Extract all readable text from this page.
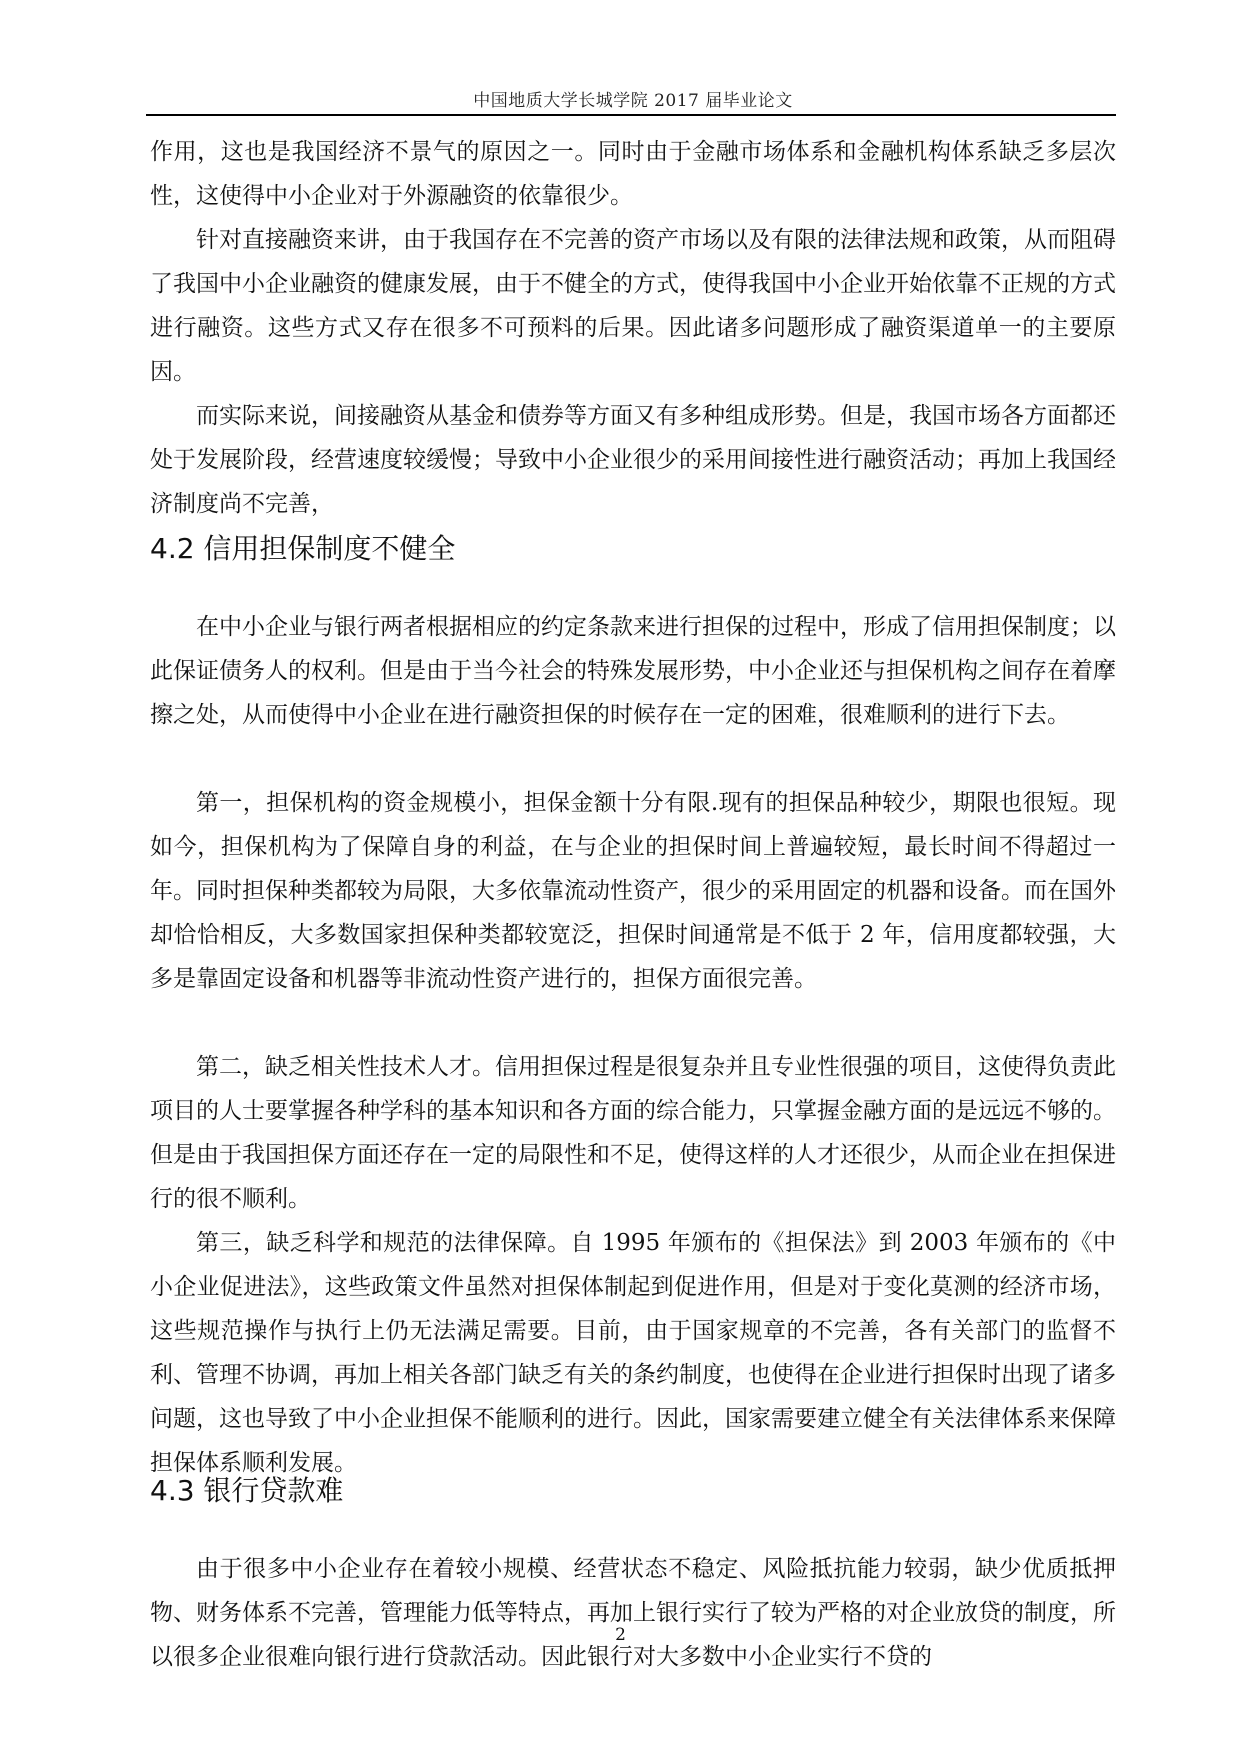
中国地质大学长城学院 2017 届毕业论文

作用，这也是我国经济不景气的原因之一。同时由于金融市场体系和金融机构体系缺乏多层次性，这使得中小企业对于外源融资的依靠很少。

针对直接融资来讲，由于我国存在不完善的资产市场以及有限的法律法规和政策，从而阻碍了我国中小企业融资的健康发展，由于不健全的方式，使得我国中小企业开始依靠不正规的方式进行融资。这些方式又存在很多不可预料的后果。因此诸多问题形成了融资渠道单一的主要原因。

而实际来说，间接融资从基金和债券等方面又有多种组成形势。但是，我国市场各方面都还处于发展阶段，经营速度较缓慢；导致中小企业很少的采用间接性进行融资活动；再加上我国经济制度尚不完善，

4.2 信用担保制度不健全

在中小企业与银行两者根据相应的约定条款来进行担保的过程中，形成了信用担保制度；以此保证债务人的权利。但是由于当今社会的特殊发展形势，中小企业还与担保机构之间存在着摩擦之处，从而使得中小企业在进行融资担保的时候存在一定的困难，很难顺利的进行下去。

第一，担保机构的资金规模小，担保金额十分有限.现有的担保品种较少，期限也很短。现如今，担保机构为了保障自身的利益，在与企业的担保时间上普遍较短，最长时间不得超过一年。同时担保种类都较为局限，大多依靠流动性资产，很少的采用固定的机器和设备。而在国外却恰恰相反，大多数国家担保种类都较宽泛，担保时间通常是不低于 2 年，信用度都较强，大多是靠固定设备和机器等非流动性资产进行的，担保方面很完善。

第二，缺乏相关性技术人才。信用担保过程是很复杂并且专业性很强的项目，这使得负责此项目的人士要掌握各种学科的基本知识和各方面的综合能力，只掌握金融方面的是远远不够的。但是由于我国担保方面还存在一定的局限性和不足，使得这样的人才还很少，从而企业在担保进行的很不顺利。

第三，缺乏科学和规范的法律保障。自 1995 年颁布的《担保法》到 2003 年颁布的《中小企业促进法》，这些政策文件虽然对担保体制起到促进作用，但是对于变化莫测的经济市场，这些规范操作与执行上仍无法满足需要。目前，由于国家规章的不完善，各有关部门的监督不利、管理不协调，再加上相关各部门缺乏有关的条约制度，也使得在企业进行担保时出现了诸多问题，这也导致了中小企业担保不能顺利的进行。因此，国家需要建立健全有关法律体系来保障担保体系顺利发展。

4.3 银行贷款难

由于很多中小企业存在着较小规模、经营状态不稳定、风险抵抗能力较弱，缺少优质抵押物、财务体系不完善，管理能力低等特点，再加上银行实行了较为严格的对企业放贷的制度，所以很多企业很难向银行进行贷款活动。因此银行对大多数中小企业实行不贷的

2
